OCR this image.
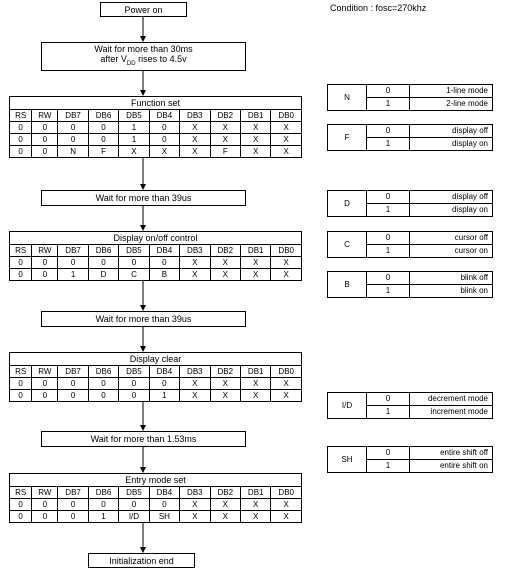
Condition : fosc=270khz
Power on
Wait for more than 30ms
after $V_{DD}$ rises to 4.5v
Function set									
RS	RW	DB7	DB6	DB5	DB4	DB3	DB2	DB1	DB0
0	0	0	0	1	0	X	X	X	X
0	0	0	0	1	0	X	X	X	X
0	0	N	F	X	X	X	F	X	X
Wait for more than 39us
Display on/off control									
RS	RW	DB7	DB6	DB5	DB4	DB3	DB2	DB1	DB0
0	0	0	0	0	0	X	X	X	X
0	0	1	D	C	B	X	X	X	X
Wait for more than 39us
Display clear									
RS	RW	DB7	DB6	DB5	DB4	DB3	DB2	DB1	DB0
0	0	0	0	0	0	X	X	X	X
0	0	0	0	0	1	X	X	X	X
Wait for more than 1.53ms
Entry mode set									
RS	RW	DB7	DB6	DB5	DB4	DB3	DB2	DB1	DB0
0	0	0	0	0	0	X	X	X	X
0	0	0	1	I/D	SH	X	X	X	X
Initialization end
N	0	1-line mode
	1	2-line mode
F	0	display off
	1	display on
D	0	display off
	1	display on
C	0	cursor off
	1	cursor on
B	0	blink off
	1	blink on
I/D	0	decrement mode
	1	increment mode
SH	0	entire shift off
	1	entire shift on
